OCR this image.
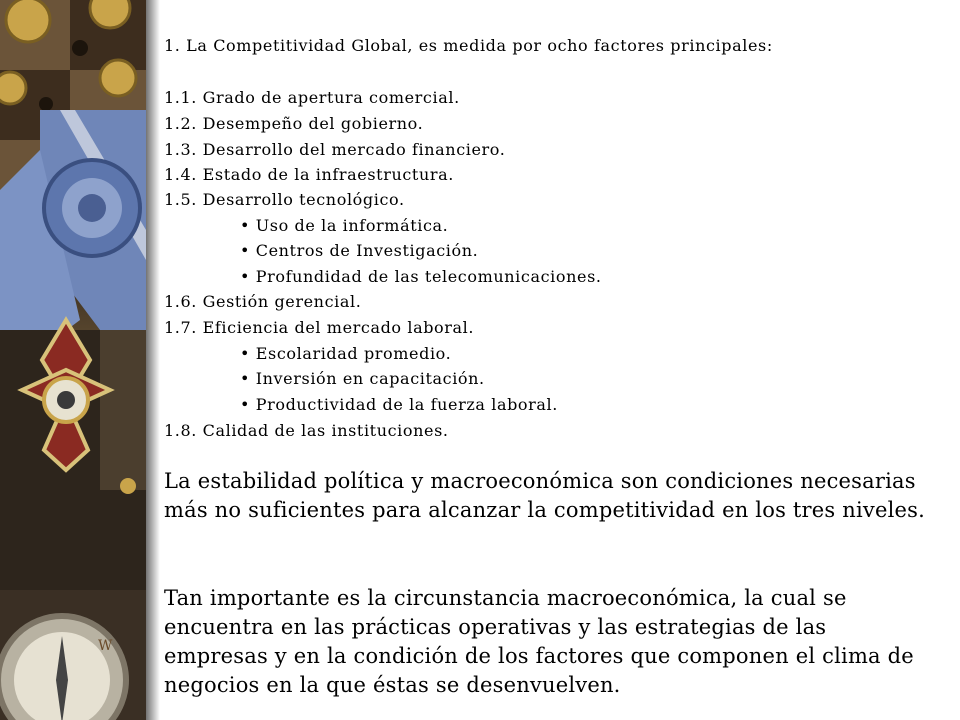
W
1. La Competitividad Global, es medida por ocho factores principales:
1.1. Grado de apertura comercial.
1.2. Desempeño del gobierno.
1.3. Desarrollo del mercado financiero.
1.4. Estado de la infraestructura.
1.5. Desarrollo tecnológico.
• Uso de la informática.
• Centros de Investigación.
• Profundidad de las telecomunicaciones.
1.6. Gestión gerencial.
1.7. Eficiencia del mercado laboral.
• Escolaridad promedio.
• Inversión en capacitación.
• Productividad de la fuerza laboral.
1.8. Calidad de las instituciones.
La estabilidad política y macroeconómica son condiciones necesarias más no suficientes para alcanzar la competitividad en los tres niveles.
Tan importante es la circunstancia macroeconómica, la cual se encuentra en las prácticas operativas y las estrategias de las empresas y en la condición de los factores que componen el clima de negocios en la que éstas se desenvuelven.
